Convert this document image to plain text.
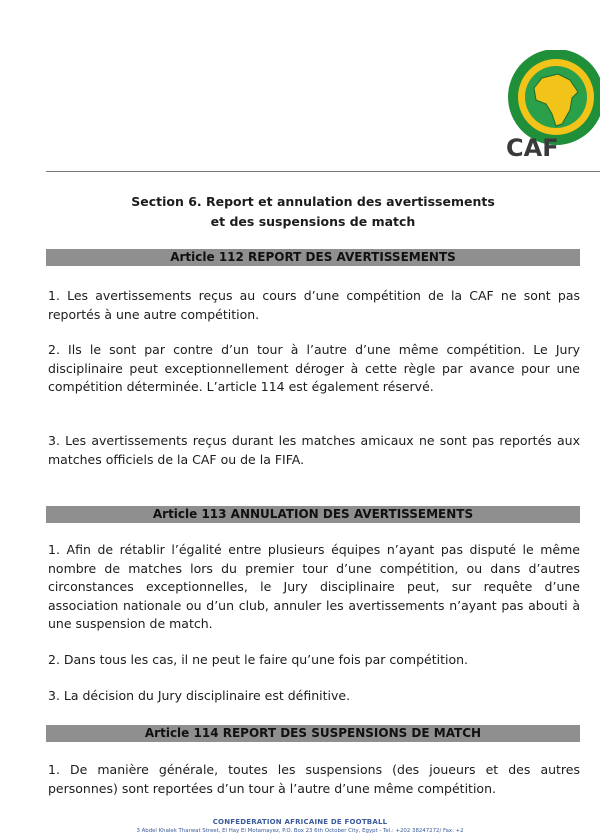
CAF
Section 6. Report et annulation des avertissements
et des suspensions de match
Article 112 REPORT DES AVERTISSEMENTS

1. Les avertissements reçus au cours d’une compétition de la CAF ne sont pas reportés à une autre compétition.

2. Ils le sont par contre d’un tour à l’autre d’une même compétition. Le Jury disciplinaire peut exceptionnellement déroger à cette règle par avance pour une compétition déterminée. L’article 114 est également réservé.

3. Les avertissements reçus durant les matches amicaux ne sont pas reportés aux matches officiels de la CAF ou de la FIFA.

Article 113 ANNULATION DES AVERTISSEMENTS

1. Afin de rétablir l’égalité entre plusieurs équipes n’ayant pas disputé le même nombre de matches lors du premier tour d’une compétition, ou dans d’autres circonstances exceptionnelles, le Jury disciplinaire peut, sur requête d’une association nationale ou d’un club, annuler les avertissements n’ayant pas abouti à une suspension de match.

2. Dans tous les cas, il ne peut le faire qu’une fois par compétition.

3. La décision du Jury disciplinaire est définitive.

Article 114 REPORT DES SUSPENSIONS DE MATCH

1. De manière générale, toutes les suspensions (des joueurs et des autres personnes) sont reportées d’un tour à l’autre d’une même compétition.

CONFEDERATION AFRICAINE DE FOOTBALL
3 Abdel Khalek Tharwat Street, El Hay El Motamayez, P.O. Box 23 6th October City, Egypt - Tel.: +202 38247272/ Fax: +2
